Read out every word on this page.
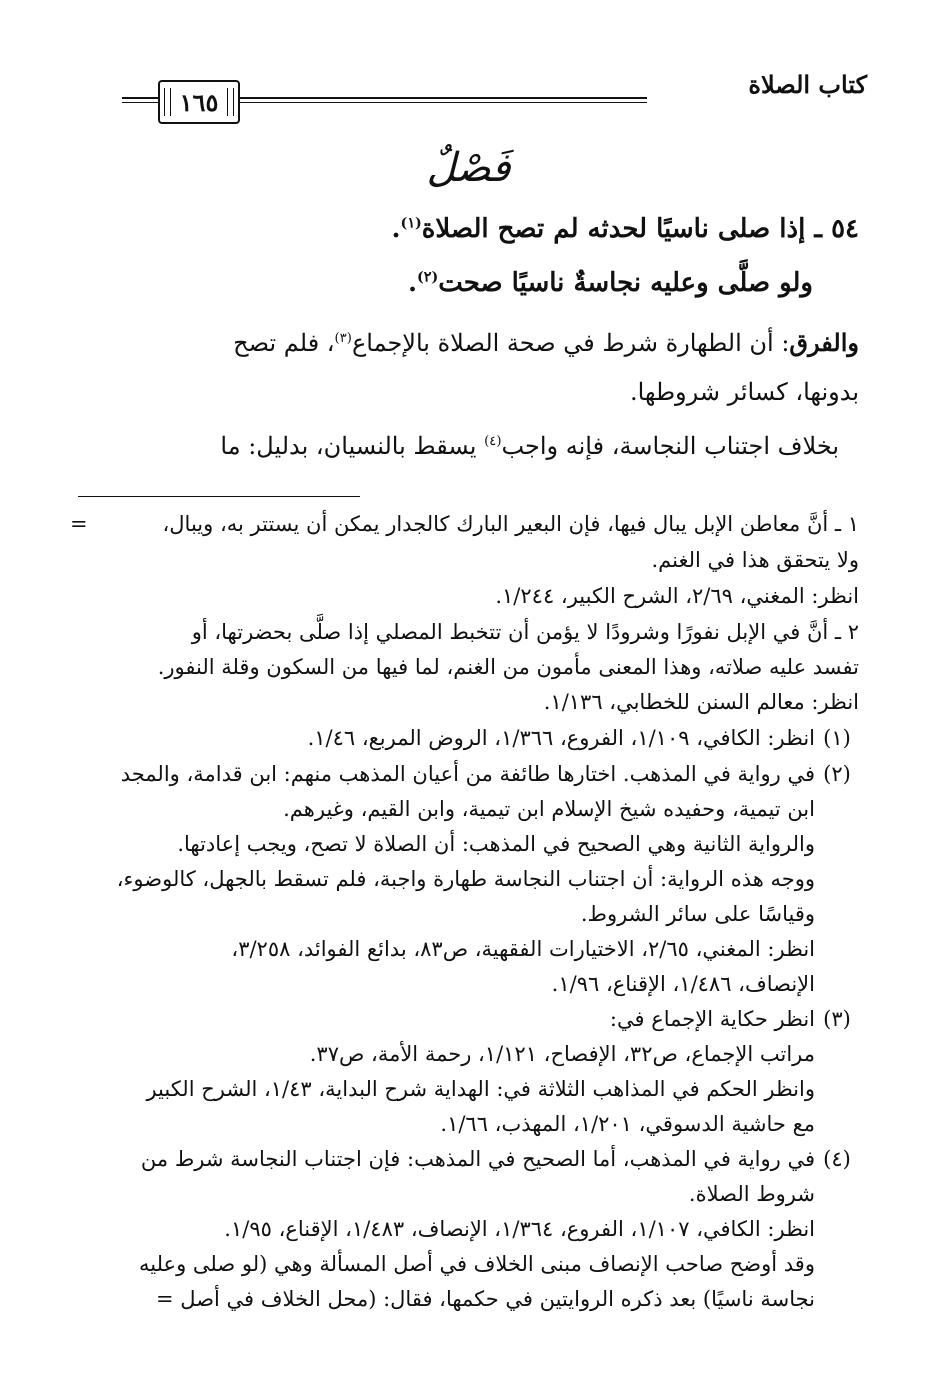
كتاب الصلاة
١٦٥
فَصْلٌ
٥٤ ـ إذا صلى ناسيًا لحدثه لم تصح الصلاة$^{(١)}$.
ولو صلَّى وعليه نجاسةٌ ناسيًا صحت$^{(٢)}$.
والفرق: أن الطهارة شرط في صحة الصلاة بالإجماع$^{(٣)}$، فلم تصح
بدونها، كسائر شروطها.
بخلاف اجتناب النجاسة، فإنه واجب$^{(٤)}$ يسقط بالنسيان، بدليل: ما
=	١ ـ أنَّ معاطن الإبل يبال فيها، فإن البعير البارك كالجدار يمكن أن يستتر به، ويبال،
ولا يتحقق هذا في الغنم.
انظر: المغني، ٢/٦٩، الشرح الكبير، ١/٢٤٤.
٢ ـ أنَّ في الإبل نفورًا وشرودًا لا يؤمن أن تتخبط المصلي إذا صلَّى بحضرتها، أو
تفسد عليه صلاته، وهذا المعنى مأمون من الغنم، لما فيها من السكون وقلة النفور.
انظر: معالم السنن للخطابي، ١/١٣٦.
(١)
انظر: الكافي، ١/١٠٩، الفروع، ١/٣٦٦، الروض المربع، ١/٤٦.
(٢)
في رواية في المذهب. اختارها طائفة من أعيان المذهب منهم: ابن قدامة، والمجد
ابن تيمية، وحفيده شيخ الإسلام ابن تيمية، وابن القيم، وغيرهم.
والرواية الثانية وهي الصحيح في المذهب: أن الصلاة لا تصح، ويجب إعادتها.
ووجه هذه الرواية: أن اجتناب النجاسة طهارة واجبة، فلم تسقط بالجهل، كالوضوء،
وقياسًا على سائر الشروط.
انظر: المغني، ٢/٦٥، الاختيارات الفقهية، ص٨٣، بدائع الفوائد، ٣/٢٥٨،
الإنصاف، ١/٤٨٦، الإقناع، ١/٩٦.
(٣)
انظر حكاية الإجماع في:
مراتب الإجماع، ص٣٢، الإفصاح، ١/١٢١، رحمة الأمة، ص٣٧.
وانظر الحكم في المذاهب الثلاثة في: الهداية شرح البداية، ١/٤٣، الشرح الكبير
مع حاشية الدسوقي، ١/٢٠١، المهذب، ١/٦٦.
(٤)
في رواية في المذهب، أما الصحيح في المذهب: فإن اجتناب النجاسة شرط من
شروط الصلاة.
انظر: الكافي، ١/١٠٧، الفروع، ١/٣٦٤، الإنصاف، ١/٤٨٣، الإقناع، ١/٩٥.
وقد أوضح صاحب الإنصاف مبنى الخلاف في أصل المسألة وهي (لو صلى وعليه
نجاسة ناسيًا) بعد ذكره الروايتين في حكمها، فقال: (محل الخلاف في أصل =
